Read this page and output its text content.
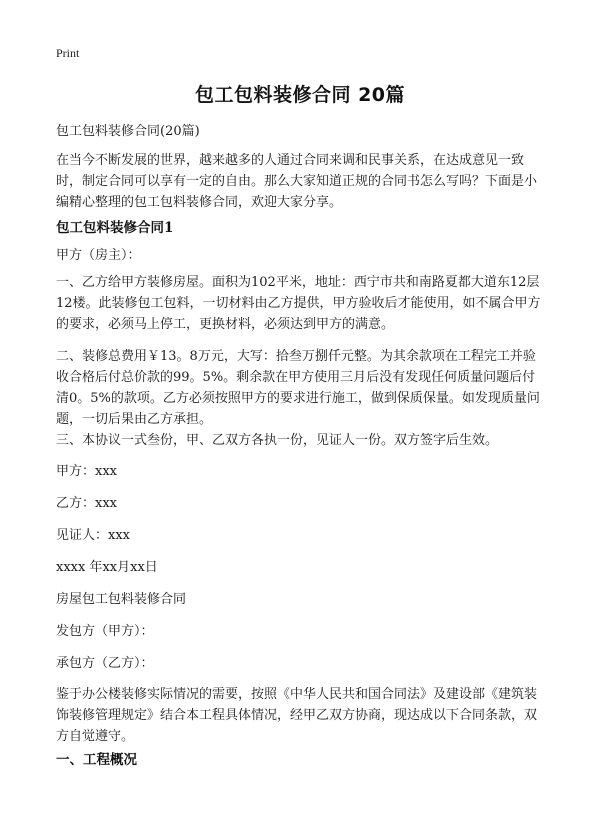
Print
包工包料装修合同 20篇

包工包料装修合同(20篇)

在当今不断发展的世界，越来越多的人通过合同来调和民事关系，在达成意见一致时，制定合同可以享有一定的自由。那么大家知道正规的合同书怎么写吗？下面是小编精心整理的包工包料装修合同，欢迎大家分享。

包工包料装修合同1

甲方（房主）：

一、乙方给甲方装修房屋。面积为102平米，地址：西宁市共和南路夏都大道东12层12楼。此装修包工包料，一切材料由乙方提供，甲方验收后才能使用，如不属合甲方的要求，必须马上停工，更换材料，必须达到甲方的满意。

二、装修总费用￥13。8万元，大写：拾叁万捌仟元整。为其余款项在工程完工并验收合格后付总价款的99。5%。剩余款在甲方使用三月后没有发现任何质量问题后付清0。5%的款项。乙方必须按照甲方的要求进行施工，做到保质保量。如发现质量问题，一切后果由乙方承担。

三、本协议一式叁份，甲、乙双方各执一份，见证人一份。双方签字后生效。

甲方：xxx

乙方：xxx

见证人：xxx

xxxx 年xx月xx日

房屋包工包料装修合同

发包方（甲方）：

承包方（乙方）：

鉴于办公楼装修实际情况的需要，按照《中华人民共和国合同法》及建设部《建筑装饰装修管理规定》结合本工程具体情况，经甲乙双方协商，现达成以下合同条款，双方自觉遵守。

一、工程概况
